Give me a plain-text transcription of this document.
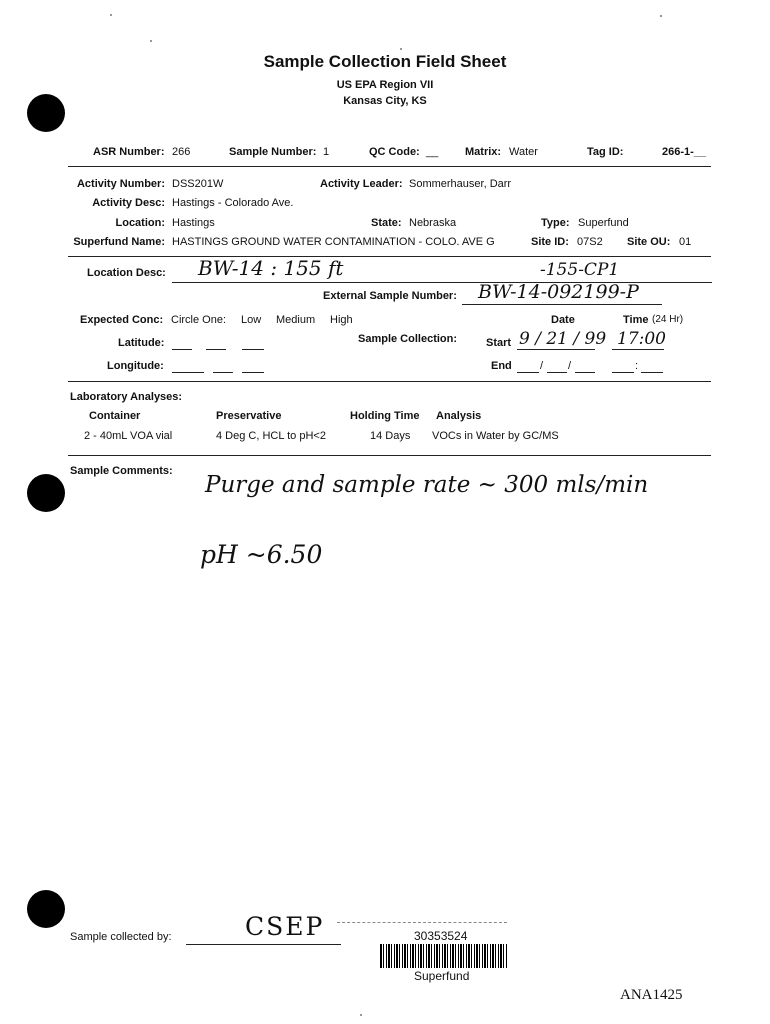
Sample Collection Field Sheet
US EPA Region VII
Kansas City, KS
ASR Number: 266	Sample Number: 1	QC Code: __ Matrix: Water	Tag ID:	266-1-__
Activity Number: DSS201W	Activity Leader: Sommerhauser, Darr
Activity Desc: Hastings - Colorado Ave.
Location: Hastings	State: Nebraska	Type: Superfund
Superfund Name: HASTINGS GROUND WATER CONTAMINATION - COLO. AVE G	Site ID: 07S2 Site OU: 01
Location Desc: BW-14 : 155 ft	-155-CP1
External Sample Number: BW-14-092199-P
Expected Conc: Circle One: Low Medium High	Date	Time (24 Hr)
Latitude:	Sample Collection:	Start 9 / 21 / 99 17:00
Longitude:	End	/ /	:
Laboratory Analyses:
Container	Preservative	Holding Time Analysis
2 - 40mL VOA vial	4 Deg C, HCL to pH<2	14 Days VOCs in Water by GC/MS
Sample Comments:
Purge and sample rate ~ 300 mls/min
pH ~6.50
Sample collected by:	CSEP	30353524
Superfund
ANA1425
